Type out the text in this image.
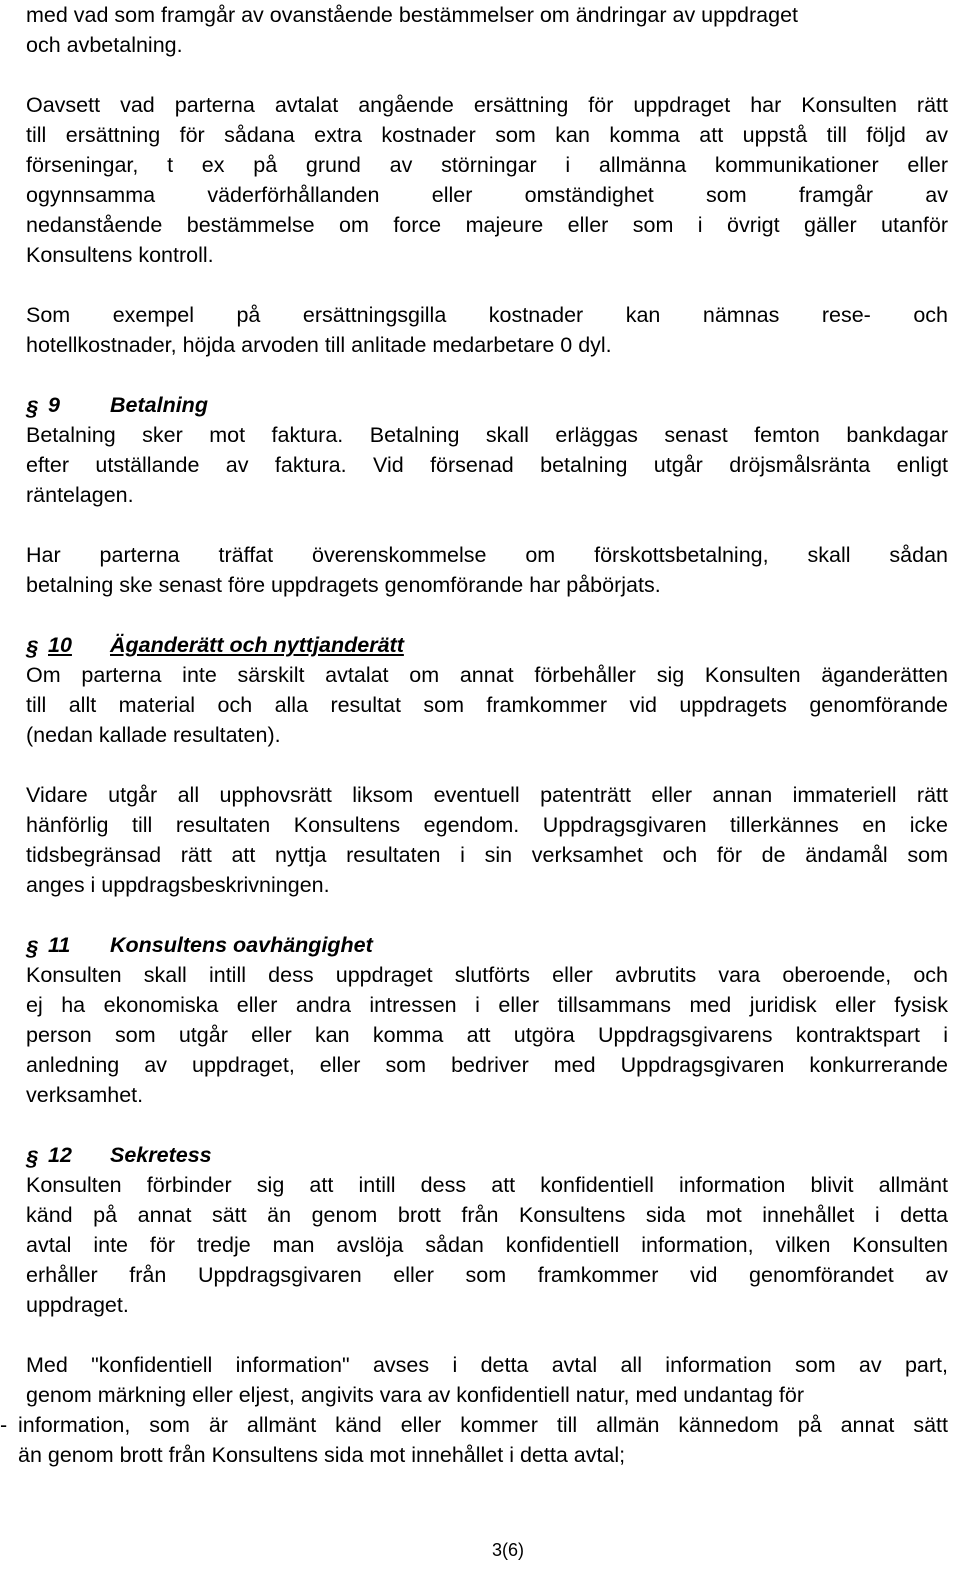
med vad som framgår av ovanstående bestämmelser om ändringar av uppdraget

och avbetalning.

Oavsett vad parterna avtalat angående ersättning för uppdraget har Konsulten rätt

till ersättning för sådana extra kostnader som kan komma att uppstå till följd av

förseningar, t ex på grund av störningar i allmänna kommunikationer eller

ogynnsamma väderförhållanden eller omständighet som framgår av

nedanstående bestämmelse om force majeure eller som i övrigt gäller utanför

Konsultens kontroll.

Som exempel på ersättningsgilla kostnader kan nämnas rese- och

hotellkostnader, höjda arvoden till anlitade medarbetare 0 dyl.

§ 9 Betalning

Betalning sker mot faktura. Betalning skall erläggas senast femton bankdagar

efter utställande av faktura. Vid försenad betalning utgår dröjsmålsränta enligt

räntelagen.

Har parterna träffat överenskommelse om förskottsbetalning, skall sådan

betalning ske senast före uppdragets genomförande har påbörjats.

§ 10 Äganderätt och nyttjanderätt

Om parterna inte särskilt avtalat om annat förbehåller sig Konsulten äganderätten

till allt material och alla resultat som framkommer vid uppdragets genomförande

(nedan kallade resultaten).

Vidare utgår all upphovsrätt liksom eventuell patenträtt eller annan immateriell rätt

hänförlig till resultaten Konsultens egendom. Uppdragsgivaren tillerkännes en icke

tidsbegränsad rätt att nyttja resultaten i sin verksamhet och för de ändamål som

anges i uppdragsbeskrivningen.

§ 11 Konsultens oavhängighet

Konsulten skall intill dess uppdraget slutförts eller avbrutits vara oberoende, och

ej ha ekonomiska eller andra intressen i eller tillsammans med juridisk eller fysisk

person som utgår eller kan komma att utgöra Uppdragsgivarens kontraktspart i

anledning av uppdraget, eller som bedriver med Uppdragsgivaren konkurrerande

verksamhet.

§ 12 Sekretess

Konsulten förbinder sig att intill dess att konfidentiell information blivit allmänt

känd på annat sätt än genom brott från Konsultens sida mot innehållet i detta

avtal inte för tredje man avslöja sådan konfidentiell information, vilken Konsulten

erhåller från Uppdragsgivaren eller som framkommer vid genomförandet av

uppdraget.

Med "konfidentiell information" avses i detta avtal all information som av part,

genom märkning eller eljest, angivits vara av konfidentiell natur, med undantag för

- information, som är allmänt känd eller kommer till allmän kännedom på annat sätt

än genom brott från Konsultens sida mot innehållet i detta avtal;

3(6)
